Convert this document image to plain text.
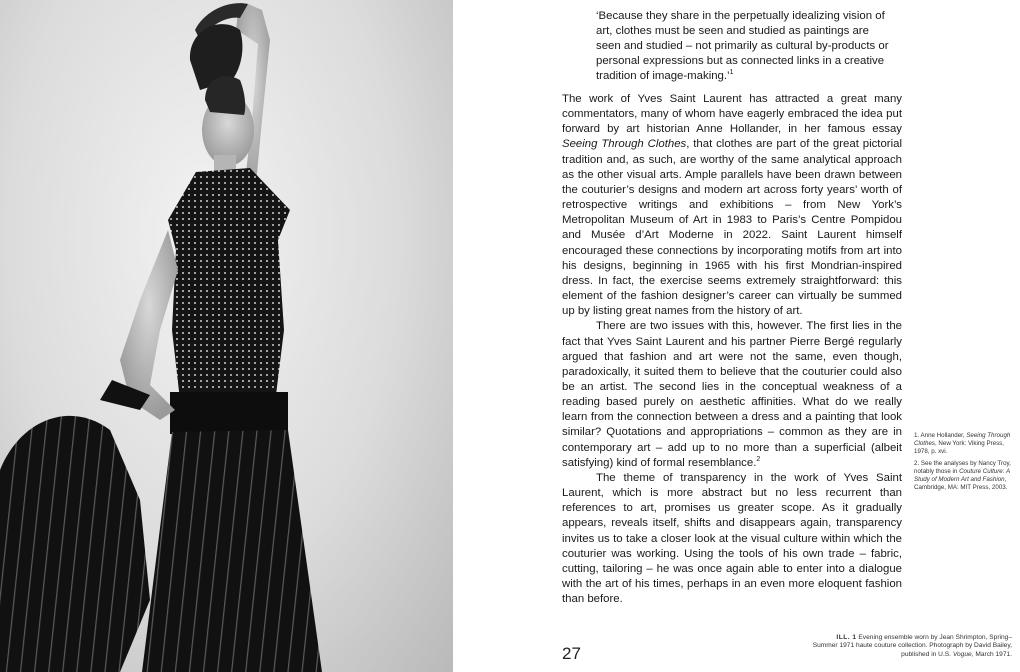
‘Because they share in the perpetually idealizing vision of art, clothes must be seen and studied as paintings are seen and studied – not primarily as cultural by-products or personal expressions but as connected links in a creative tradition of image-making.’$^1$

The work of Yves Saint Laurent has attracted a great many commentators, many of whom have eagerly embraced the idea put forward by art historian Anne Hollander, in her famous essay Seeing Through Clothes, that clothes are part of the great pictorial tradition and, as such, are worthy of the same analytical approach as the other visual arts. Ample parallels have been drawn between the couturier’s designs and modern art across forty years’ worth of retrospective writings and exhibitions – from New York’s Metropolitan Museum of Art in 1983 to Paris’s Centre Pompidou and Musée d’Art Moderne in 2022. Saint Laurent himself encouraged these connections by incorporating motifs from art into his designs, beginning in 1965 with his first Mondrian-inspired dress. In fact, the exercise seems extremely straightforward: this element of the fashion designer’s career can virtually be summed up by listing great names from the history of art.

There are two issues with this, however. The first lies in the fact that Yves Saint Laurent and his partner Pierre Bergé regularly argued that fashion and art were not the same, even though, paradoxically, it suited them to believe that the couturier could also be an artist. The second lies in the conceptual weakness of a reading based purely on aesthetic affinities. What do we really learn from the connection between a dress and a painting that look similar? Quotations and appropriations – common as they are in contemporary art – add up to no more than a superficial (albeit satisfying) kind of formal resemblance.$^2$

The theme of transparency in the work of Yves Saint Laurent, which is more abstract but no less recurrent than references to art, promises us greater scope. As it gradually appears, reveals itself, shifts and disappears again, transparency invites us to take a closer look at the visual culture within which the couturier was working. Using the tools of his own trade – fabric, cutting, tailoring – he was once again able to enter into a dialogue with the art of his times, perhaps in an even more eloquent fashion than before.

1. Anne Hollander, Seeing Through Clothes, New York: Viking Press, 1978, p. xvi.

2. See the analyses by Nancy Troy, notably those in Couture Culture: A Study of Modern Art and Fashion, Cambridge, MA: MIT Press, 2003.

27
ILL. 1 Evening ensemble worn by Jean Shrimpton, Spring–Summer 1971 haute couture collection. Photograph by David Bailey, published in U.S. Vogue, March 1971.
